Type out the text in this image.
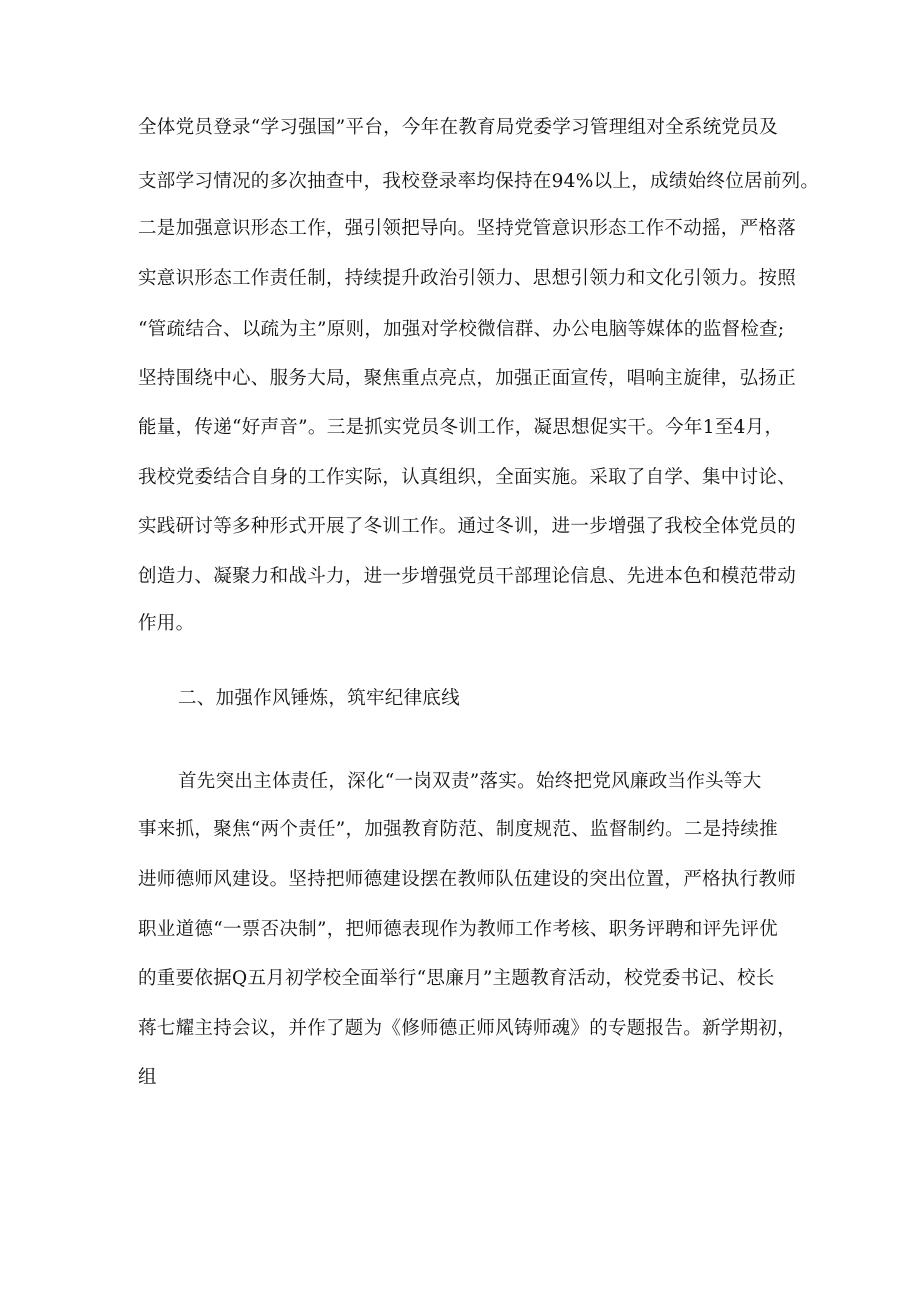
全体党员登录“学习强国”平台，今年在教育局党委学习管理组对全系统党员及
支部学习情况的多次抽查中，我校登录率均保持在94%以上，成绩始终位居前列。
二是加强意识形态工作，强引领把导向。坚持党管意识形态工作不动摇，严格落
实意识形态工作责任制，持续提升政治引领力、思想引领力和文化引领力。按照
“管疏结合、以疏为主”原则，加强对学校微信群、办公电脑等媒体的监督检查;
坚持围绕中心、服务大局，聚焦重点亮点，加强正面宣传，唱响主旋律，弘扬正
能量，传递“好声音”。三是抓实党员冬训工作，凝思想促实干。今年1至4月，
我校党委结合自身的工作实际，认真组织，全面实施。采取了自学、集中讨论、
实践研讨等多种形式开展了冬训工作。通过冬训，进一步增强了我校全体党员的
创造力、凝聚力和战斗力，进一步增强党员干部理论信息、先进本色和模范带动
作用。
二、加强作风锤炼，筑牢纪律底线
首先突出主体责任，深化“一岗双责”落实。始终把党风廉政当作头等大
事来抓，聚焦“两个责任”，加强教育防范、制度规范、监督制约。二是持续推
进师德师风建设。坚持把师德建设摆在教师队伍建设的突出位置，严格执行教师
职业道德“一票否决制”，把师德表现作为教师工作考核、职务评聘和评先评优
的重要依据Q五月初学校全面举行“思廉月”主题教育活动，校党委书记、校长
蒋七耀主持会议，并作了题为《修师德正师风铸师魂》的专题报告。新学期初，
组
